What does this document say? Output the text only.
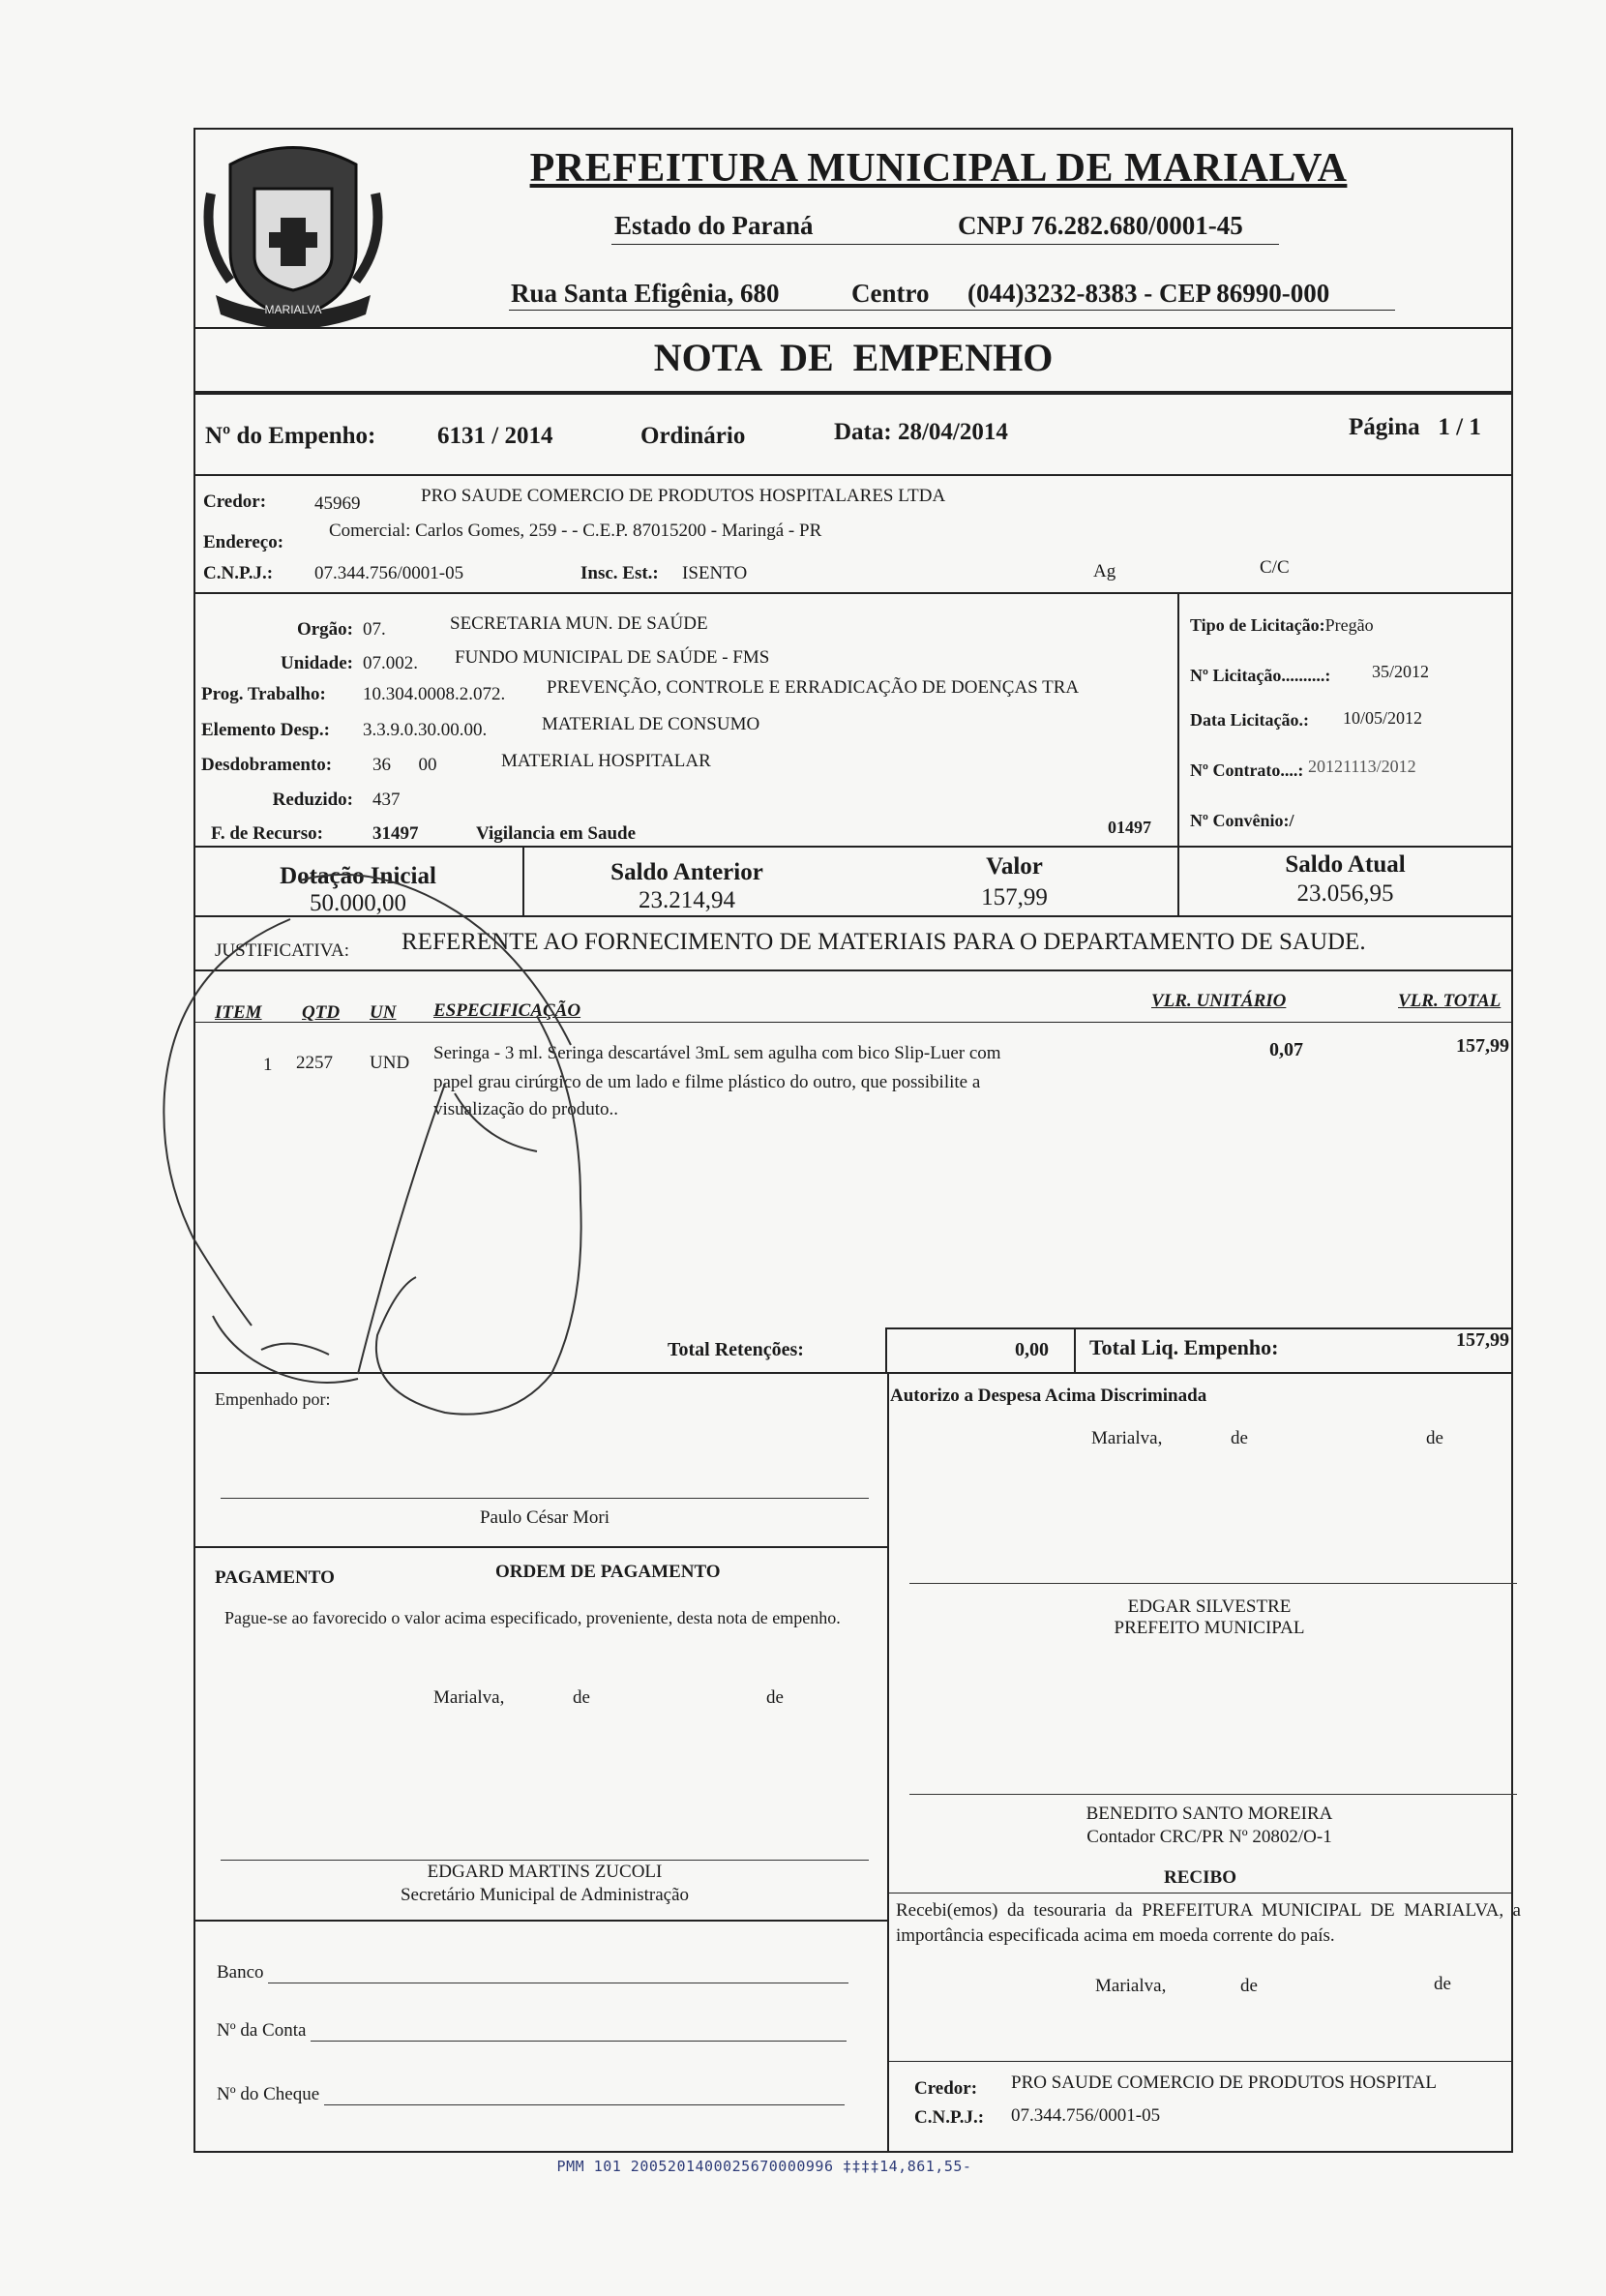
MARIALVA
PREFEITURA MUNICIPAL DE MARIALVA
Estado do Paraná	CNPJ 76.282.680/0001-45
Rua Santa Efigênia, 680	Centro (044)3232-8383 - CEP 86990-000
NOTA  DE  EMPENHO
Nº do Empenho:	6131 / 2014	Ordinário	Data: 28/04/2014	Página   1 / 1
Credor:	45969	PRO SAUDE COMERCIO DE PRODUTOS HOSPITALARES LTDA
Endereço:
Comercial: Carlos Gomes, 259 - - C.E.P. 87015200 - Maringá - PR
C.N.P.J.: 07.344.756/0001-05	Insc. Est.: ISENTO	Ag	C/C
Orgão: 07.	SECRETARIA MUN. DE SAÚDE
Unidade: 07.002. FUNDO MUNICIPAL DE SAÚDE - FMS
Prog. Trabalho: 10.304.0008.2.072. PREVENÇÃO, CONTROLE E ERRADICAÇÃO DE DOENÇAS TRA
Elemento Desp.: 3.3.9.0.30.00.00.	MATERIAL DE CONSUMO
Desdobramento: 36      00	MATERIAL HOSPITALAR
Reduzido: 437
F. de Recurso:	31497	Vigilancia em Saude	01497
Tipo de Licitação:Pregão
Nº Licitação..........: 35/2012
Data Licitação.: 10/05/2012
Nº Contrato....: 20121113/2012
Nº Convênio:/
Dotação Inicial
50.000,00
Saldo Anterior
23.214,94
Valor
157,99
Saldo Atual
23.056,95
JUSTIFICATIVA: REFERENTE AO FORNECIMENTO DE MATERIAIS PARA O DEPARTAMENTO DE SAUDE.
ITEM QTD UN ESPECIFICAÇÃO	VLR. UNITÁRIO	VLR. TOTAL
1 2257 UND Seringa - 3 ml. Seringa descartável 3mL sem agulha com bico Slip-Luer com
papel grau cirúrgico de um lado e filme plástico do outro, que possibilite a
visualização do produto..
0,07	157,99
Total Retenções:	0,00 Total Liq. Empenho:	157,99
Empenhado por:	Autorizo a Despesa Acima Discriminada
Marialva,	de	de
Paulo César Mori
EDGAR SILVESTRE
PREFEITO MUNICIPAL
PAGAMENTO	ORDEM DE PAGAMENTO
Pague-se ao favorecido o valor acima especificado, proveniente, desta nota de empenho.
Marialva,	de	de
BENEDITO SANTO MOREIRA
Contador CRC/PR Nº 20802/O-1
EDGARD MARTINS ZUCOLI
Secretário Municipal de Administração
RECIBO
Recebi(emos) da tesouraria da PREFEITURA MUNICIPAL DE MARIALVA, a importância especificada acima em moeda corrente do país.
Marialva,	de	de
Banco
Nº da Conta
Nº do Cheque	Credor: PRO SAUDE COMERCIO DE PRODUTOS HOSPITAL
C.N.P.J.: 07.344.756/0001-05
PMM 101 2005201400025670000996 ‡‡‡‡14,861,55-
